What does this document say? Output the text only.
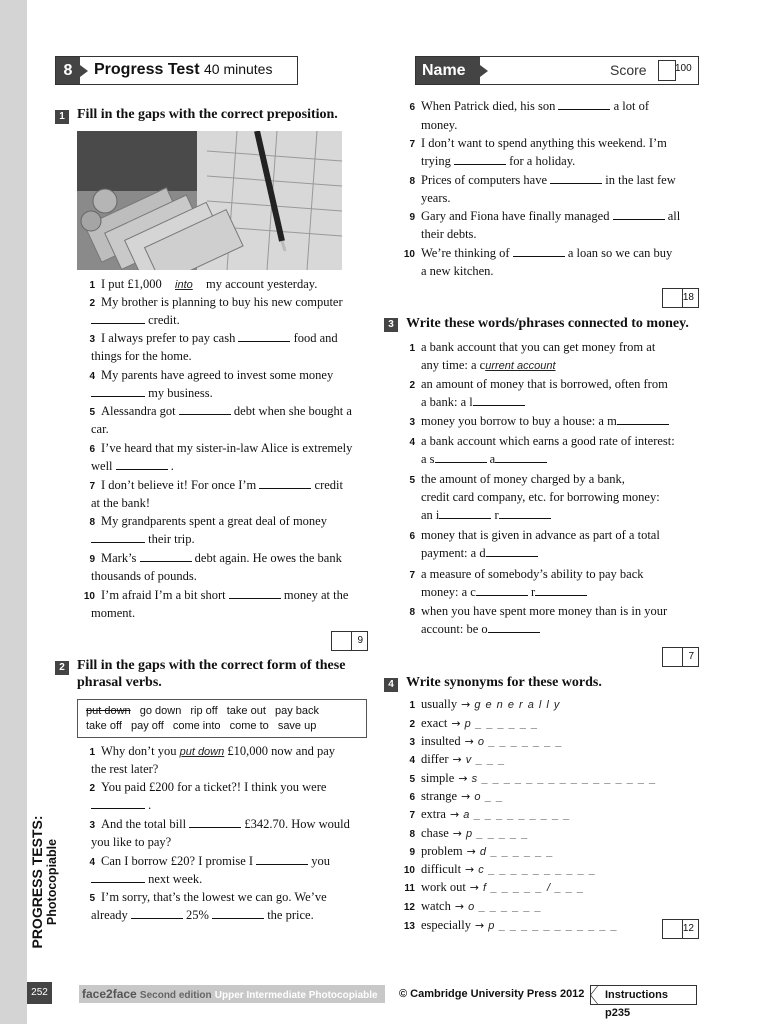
PROGRESS TESTS: Photocopiable
8	Progress Test 40 minutes	Name	Score	100
1 Fill in the gaps with the correct preposition.
1 I put £1,000 into my account yesterday.
2 My brother is planning to buy his new computer
credit.
3 I always prefer to pay cash	food and
things for the home.
4 My parents have agreed to invest some money
my business.
5 Alessandra got	debt when she bought a
car.
6 I’ve heard that my sister-in-law Alice is extremely
well	.
7 I don’t believe it! For once I’m	credit
at the bank!
8 My grandparents spent a great deal of money
their trip.
9 Mark’s	debt again. He owes the bank
thousands of pounds.
10 I’m afraid I’m a bit short	money at the
moment.
9
2 Fill in the gaps with the correct form of these
phrasal verbs.
put down go down rip off take out pay back
take off pay off come into come to save up
1 Why don’t you put down £10,000 now and pay
the rest later?
2 You paid £200 for a ticket?! I think you were
.
3 And the total bill	£342.70. How would
you like to pay?
4 Can I borrow £20? I promise I	you
next week.
5 I’m sorry, that’s the lowest we can go. We’ve
already	25%	the price.
6 When Patrick died, his son	a lot of
money.
7 I don’t want to spend anything this weekend. I’m
trying	for a holiday.
8 Prices of computers have	in the last few
years.
9 Gary and Fiona have finally managed	all
their debts.
10 We’re thinking of	a loan so we can buy
a new kitchen.
18
3 Write these words/phrases connected to money.
1 a bank account that you can get money from at
any time: a current account
2 an amount of money that is borrowed, often from
a bank: a l
3 money you borrow to buy a house: a m
4 a bank account which earns a good rate of interest:
a s	a
5 the amount of money charged by a bank,
credit card company, etc. for borrowing money:
an i	r
6 money that is given in advance as part of a total
payment: a d
7 a measure of somebody’s ability to pay back
money: a c	r
8 when you have spent more money than is in your
account: be o
7
4 Write synonyms for these words.
1 usually → g e n e r a l l y
2 exact → p _ _ _ _ _ _
3 insulted → o _ _ _ _ _ _ _
4 differ → v _ _ _
5 simple → s _ _ _ _ _ _ _ _ _ _ _ _ _ _ _ _
6 strange → o _ _
7 extra → a _ _ _ _ _ _ _ _ _
8 chase → p _ _ _ _ _
9 problem → d _ _ _ _ _ _
10 difficult → c _ _ _ _ _ _ _ _ _ _
11 work out → f _ _ _ _ _ / _ _ _
12 watch → o _ _ _ _ _ _
13 especially → p _ _ _ _ _ _ _ _ _ _ _	12
252	face2face Second edition Upper Intermediate Photocopiable	© Cambridge University Press 2012	Instructions p235
